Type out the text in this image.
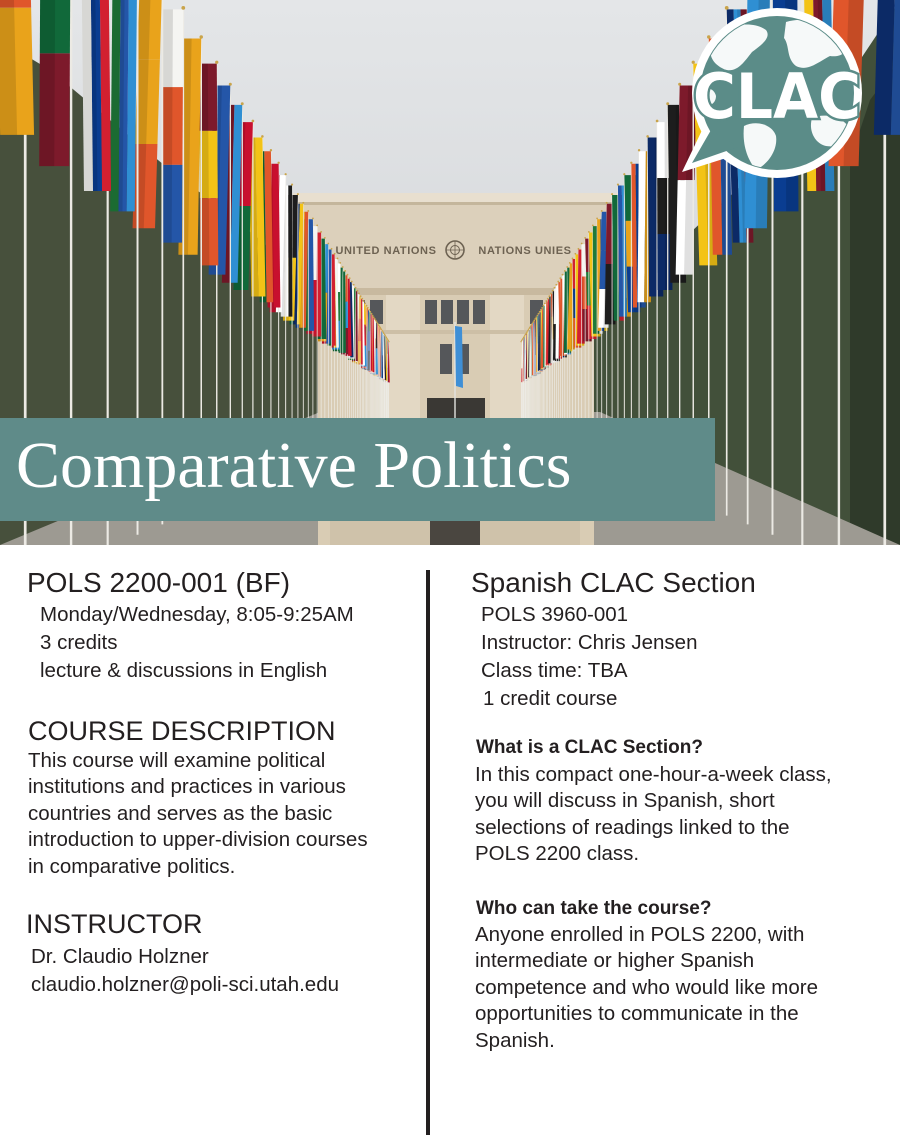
UNITED NATIONS	NATIONS UNIES
CLAC
Comparative Politics
POLS 2200-001 (BF)
Monday/Wednesday, 8:05-9:25AM
3 credits
lecture & discussions in English
COURSE DESCRIPTION
This course will examine political
institutions and practices in various
countries and serves as the basic
introduction to upper-division courses
in comparative politics.
INSTRUCTOR
Dr. Claudio Holzner
claudio.holzner@poli-sci.utah.edu
Spanish CLAC Section
POLS 3960-001
Instructor: Chris Jensen
Class time: TBA
1 credit course
What is a CLAC Section?
In this compact one-hour-a-week class,
you will discuss in Spanish, short
selections of readings linked to the
POLS 2200 class.
Who can take the course?
Anyone enrolled in POLS 2200, with
intermediate or higher Spanish
competence and who would like more
opportunities to communicate in the
Spanish.
